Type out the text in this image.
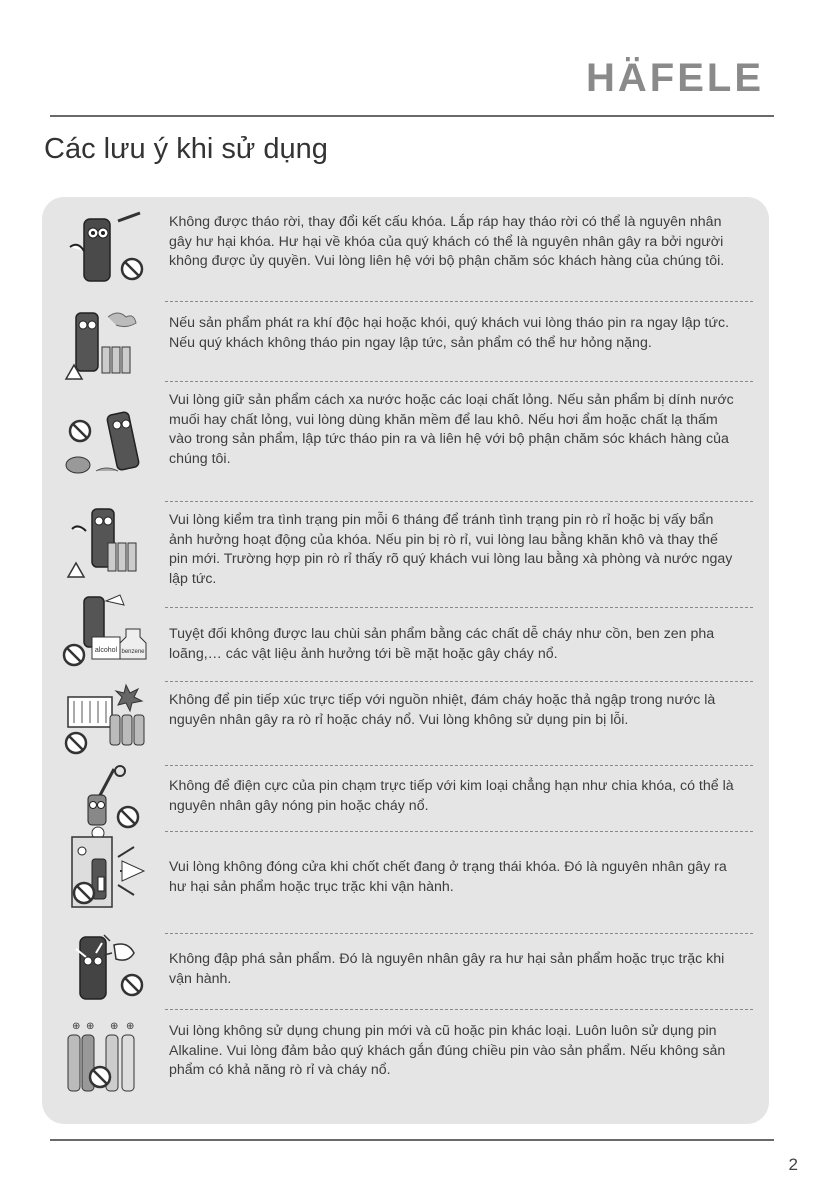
HÄFELE
Các lưu ý khi sử dụng

Không được tháo rời, thay đổi kết cấu khóa. Lắp ráp hay tháo rời có thể là nguyên nhân gây hư hại khóa. Hư hại về khóa của quý khách có thể là nguyên nhân gây ra bởi người không được ủy quyền. Vui lòng liên hệ với bộ phận chăm sóc khách hàng của chúng tôi.

Nếu sản phẩm phát ra khí độc hại hoặc khói, quý khách vui lòng tháo pin ra ngay lập tức. Nếu quý khách không tháo pin ngay lập tức, sản phẩm có thể hư hỏng nặng.

Vui lòng giữ sản phẩm cách xa nước hoặc các loại chất lỏng. Nếu sản phẩm bị dính nước muối hay chất lỏng, vui lòng dùng khăn mềm để lau khô. Nếu hơi ẩm hoặc chất lạ thấm vào trong sản phẩm, lập tức tháo pin ra và liên hệ với bộ phận chăm sóc khách hàng của chúng tôi.

Vui lòng kiểm tra tình trạng pin mỗi 6 tháng để tránh tình trạng pin rò rỉ hoặc bị vấy bẩn ảnh hưởng hoạt động của khóa. Nếu pin bị rò rỉ, vui lòng lau bằng khăn khô và thay thế pin mới. Trường hợp pin rò rỉ thấy rõ quý khách vui lòng lau bằng xà phòng và nước ngay lập tức.

alcohol benzene

Tuyệt đối không được lau chùi sản phẩm bằng các chất dễ cháy như cồn, ben zen pha loãng,… các vật liệu ảnh hưởng tới bề mặt hoặc gây cháy nổ.

Không để pin tiếp xúc trực tiếp với nguồn nhiệt, đám cháy hoặc thả ngập trong nước là nguyên nhân gây ra rò rỉ hoặc cháy nổ. Vui lòng không sử dụng pin bị lỗi.

Không để điện cực của pin chạm trực tiếp với kim loại chẳng hạn như chia khóa, có thể là nguyên nhân gây nóng pin hoặc cháy nổ.

Vui lòng không đóng cửa khi chốt chết đang ở trạng thái khóa. Đó là nguyên nhân gây ra hư hại sản phẩm hoặc trục trặc khi vận hành.

Không đập phá sản phẩm. Đó là nguyên nhân gây ra hư hại sản phẩm hoặc trục trặc khi vận hành.

⊕ ⊕ ⊕ ⊕ Vui lòng không sử dụng chung pin mới và cũ hoặc pin khác loại. Luôn luôn sử dụng pin Alkaline. Vui lòng đảm bảo quý khách gắn đúng chiều pin vào sản phẩm. Nếu không sản phẩm có khả năng rò rỉ và cháy nổ.

2
